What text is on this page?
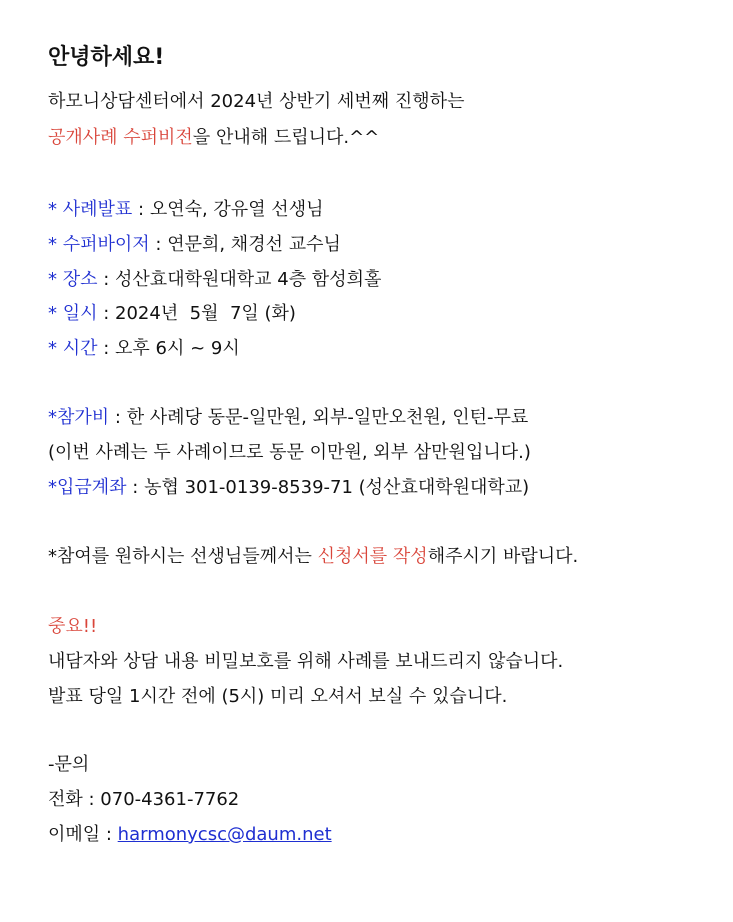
안녕하세요!
하모니상담센터에서 2024년 상반기 세번째 진행하는
공개사례 수퍼비전을 안내해 드립니다.^^
* 사례발표 : 오연숙, 강유열 선생님
* 수퍼바이저 : 연문희, 채경선 교수님
* 장소 : 성산효대학원대학교 4층 함성희홀
* 일시 : 2024년  5월  7일 (화)
* 시간 : 오후 6시 ~ 9시
*참가비 : 한 사례당 동문-일만원, 외부-일만오천원, 인턴-무료
(이번 사례는 두 사례이므로 동문 이만원, 외부 삼만원입니다.)
*입금계좌 : 농협 301-0139-8539-71 (성산효대학원대학교)
*참여를 원하시는 선생님들께서는 신청서를 작성해주시기 바랍니다.
중요!!
내담자와 상담 내용 비밀보호를 위해 사례를 보내드리지 않습니다.
발표 당일 1시간 전에 (5시) 미리 오셔서 보실 수 있습니다.
-문의
전화 : 070-4361-7762
이메일 : harmonycsc@daum.net
